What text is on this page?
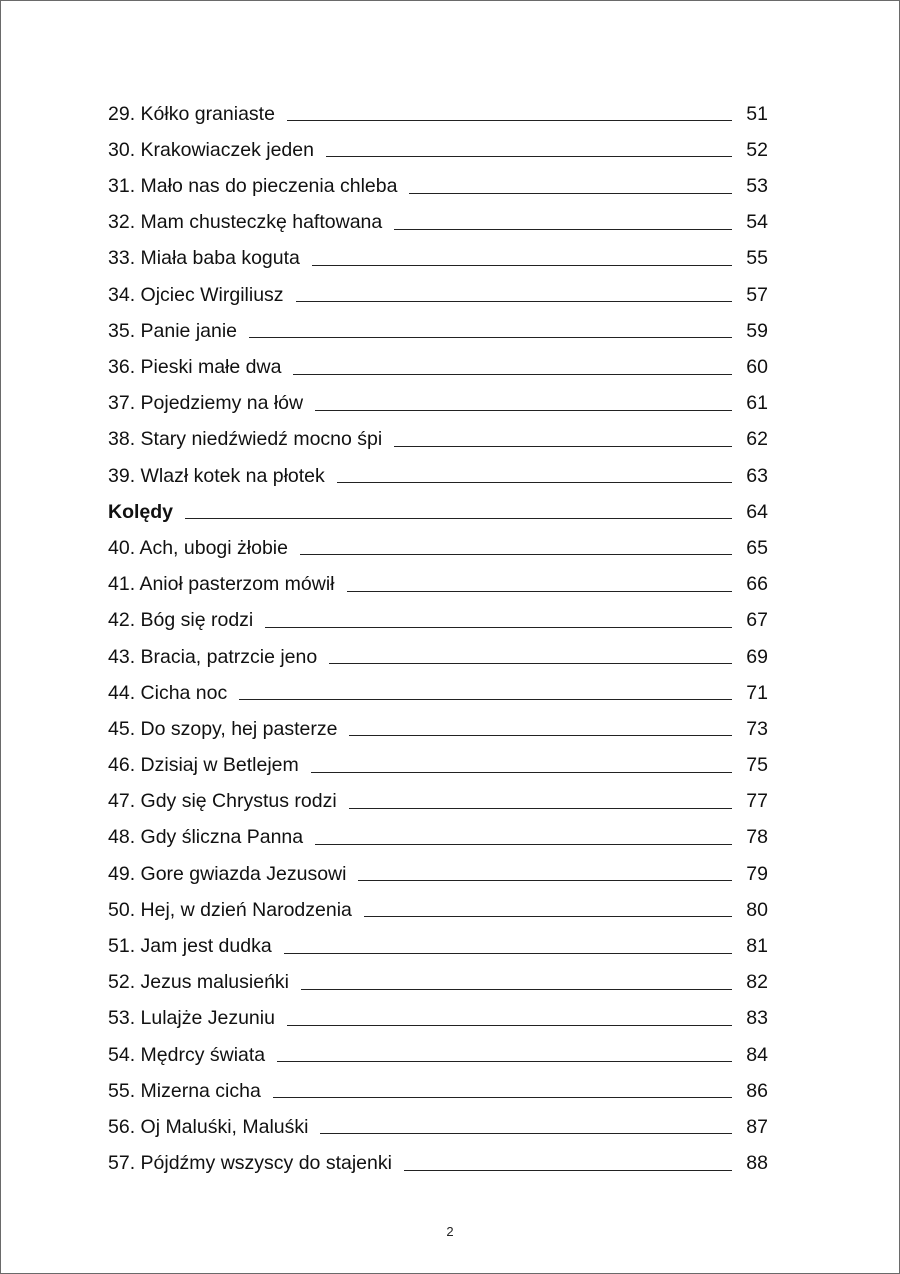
29. Kółko graniaste	51
30. Krakowiaczek jeden	52
31. Mało nas do pieczenia chleba	53
32. Mam chusteczkę haftowana	54
33. Miała baba koguta	55
34. Ojciec Wirgiliusz	57
35. Panie janie	59
36. Pieski małe dwa	60
37. Pojedziemy na łów	61
38. Stary niedźwiedź mocno śpi	62
39. Wlazł kotek na płotek	63
Kolędy	64
40. Ach, ubogi żłobie	65
41. Anioł pasterzom mówił	66
42. Bóg się rodzi	67
43. Bracia, patrzcie jeno	69
44. Cicha noc	71
45. Do szopy, hej pasterze	73
46. Dzisiaj w Betlejem	75
47. Gdy się Chrystus rodzi	77
48. Gdy śliczna Panna	78
49. Gore gwiazda Jezusowi	79
50. Hej, w dzień Narodzenia	80
51. Jam jest dudka	81
52. Jezus malusieńki	82
53. Lulajże Jezuniu	83
54. Mędrcy świata	84
55. Mizerna cicha	86
56. Oj Maluśki, Maluśki	87
57. Pójdźmy wszyscy do stajenki	88
2
